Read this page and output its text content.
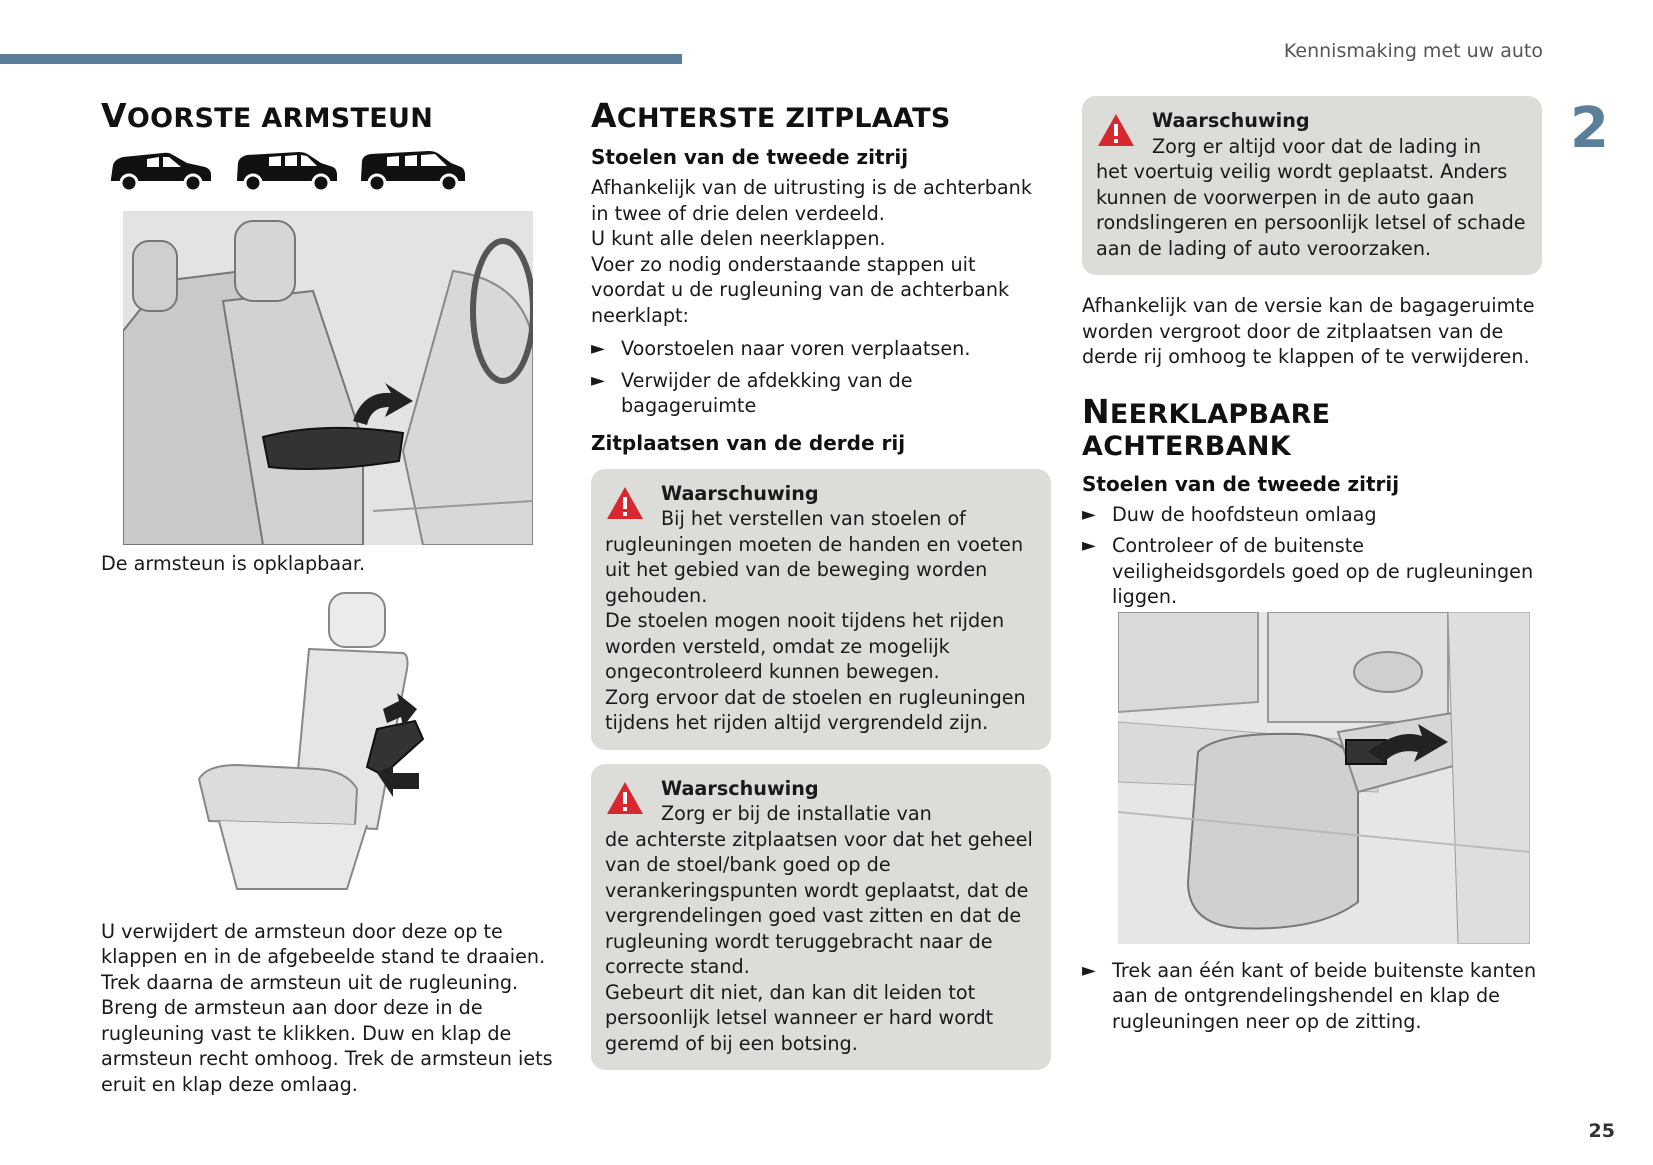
Kennismaking met uw auto
2
25
VOORSTE ARMSTEUN
De armsteun is opklapbaar.
U verwijdert de armsteun door deze op te klappen en in de afgebeelde stand te draaien. Trek daarna de armsteun uit de rugleuning. Breng de armsteun aan door deze in de rugleuning vast te klikken. Duw en klap de armsteun recht omhoog. Trek de armsteun iets eruit en klap deze omlaag.
ACHTERSTE ZITPLAATS
Stoelen van de tweede zitrij
Afhankelijk van de uitrusting is de achterbank in twee of drie delen verdeeld.
U kunt alle delen neerklappen.
Voer zo nodig onderstaande stappen uit voordat u de rugleuning van de achterbank neerklapt:
► Voorstoelen naar voren verplaatsen.
► Verwijder de afdekking van de bagageruimte
Zitplaatsen van de derde rij
Waarschuwing
Bij het verstellen van stoelen of
rugleuningen moeten de handen en voeten uit het gebied van de beweging worden gehouden.
De stoelen mogen nooit tijdens het rijden worden versteld, omdat ze mogelijk ongecontroleerd kunnen bewegen.
Zorg ervoor dat de stoelen en rugleuningen tijdens het rijden altijd vergrendeld zijn.
Waarschuwing
Zorg er bij de installatie van
de achterste zitplaatsen voor dat het geheel van de stoel/bank goed op de verankeringspunten wordt geplaatst, dat de vergrendelingen goed vast zitten en dat de rugleuning wordt teruggebracht naar de correcte stand.
Gebeurt dit niet, dan kan dit leiden tot persoonlijk letsel wanneer er hard wordt geremd of bij een botsing.
Waarschuwing
Zorg er altijd voor dat de lading in
het voertuig veilig wordt geplaatst. Anders kunnen de voorwerpen in de auto gaan rondslingeren en persoonlijk letsel of schade aan de lading of auto veroorzaken.
Afhankelijk van de versie kan de bagageruimte worden vergroot door de zitplaatsen van de derde rij omhoog te klappen of te verwijderen.
NEERKLAPBARE ACHTERBANK
Stoelen van de tweede zitrij
► Duw de hoofdsteun omlaag
► Controleer of de buitenste veiligheidsgordels goed op de rugleuningen liggen.
► Trek aan één kant of beide buitenste kanten aan de ontgrendelingshendel en klap de rugleuningen neer op de zitting.
